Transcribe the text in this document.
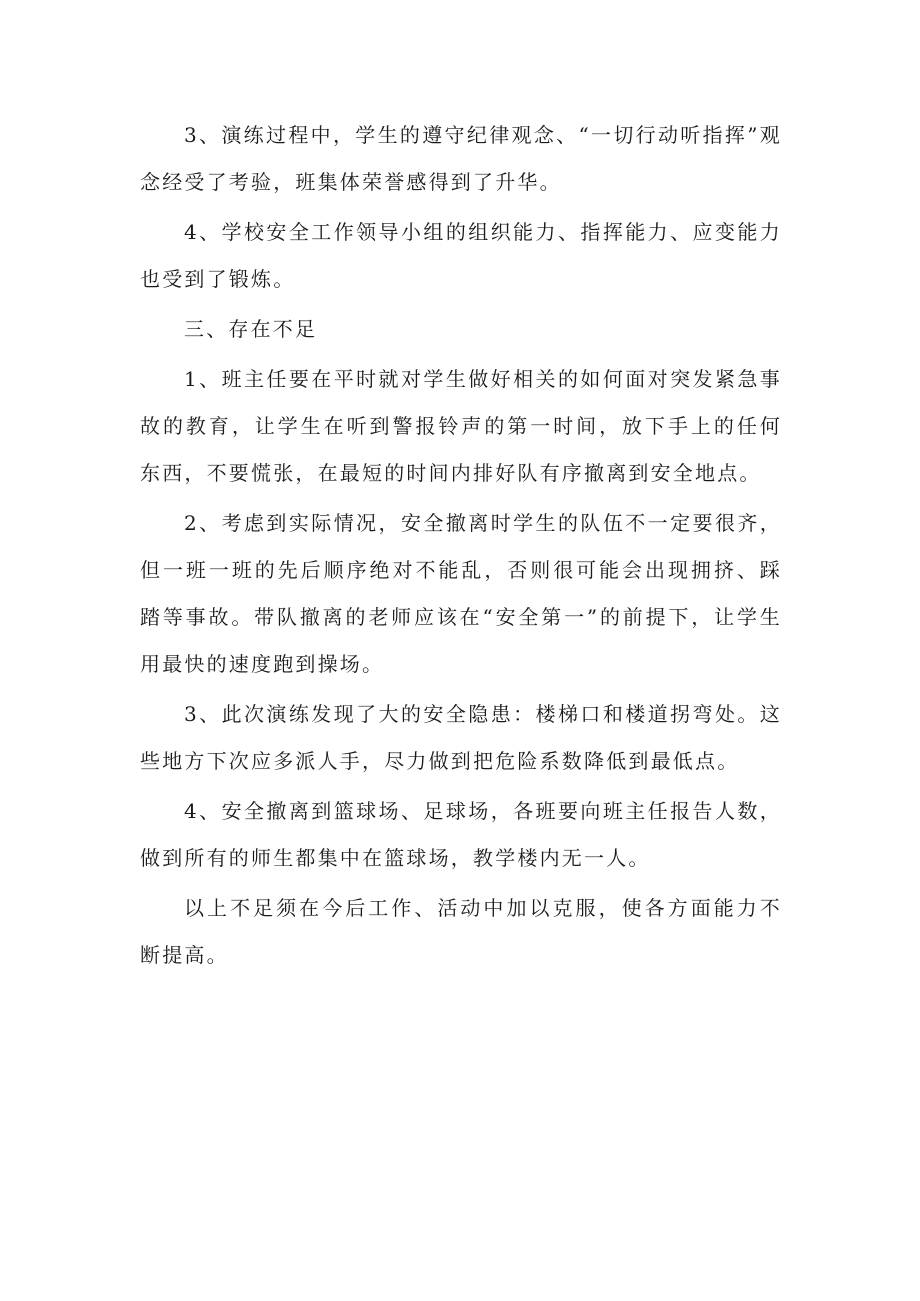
3、演练过程中，学生的遵守纪律观念、“一切行动听指挥”观念经受了考验，班集体荣誉感得到了升华。

4、学校安全工作领导小组的组织能力、指挥能力、应变能力也受到了锻炼。

三、存在不足

1、班主任要在平时就对学生做好相关的如何面对突发紧急事故的教育，让学生在听到警报铃声的第一时间，放下手上的任何东西，不要慌张，在最短的时间内排好队有序撤离到安全地点。

2、考虑到实际情况，安全撤离时学生的队伍不一定要很齐，但一班一班的先后顺序绝对不能乱，否则很可能会出现拥挤、踩踏等事故。带队撤离的老师应该在“安全第一”的前提下，让学生用最快的速度跑到操场。

3、此次演练发现了大的安全隐患：楼梯口和楼道拐弯处。这些地方下次应多派人手，尽力做到把危险系数降低到最低点。

4、安全撤离到篮球场、足球场，各班要向班主任报告人数，做到所有的师生都集中在篮球场，教学楼内无一人。

以上不足须在今后工作、活动中加以克服，使各方面能力不断提高。
